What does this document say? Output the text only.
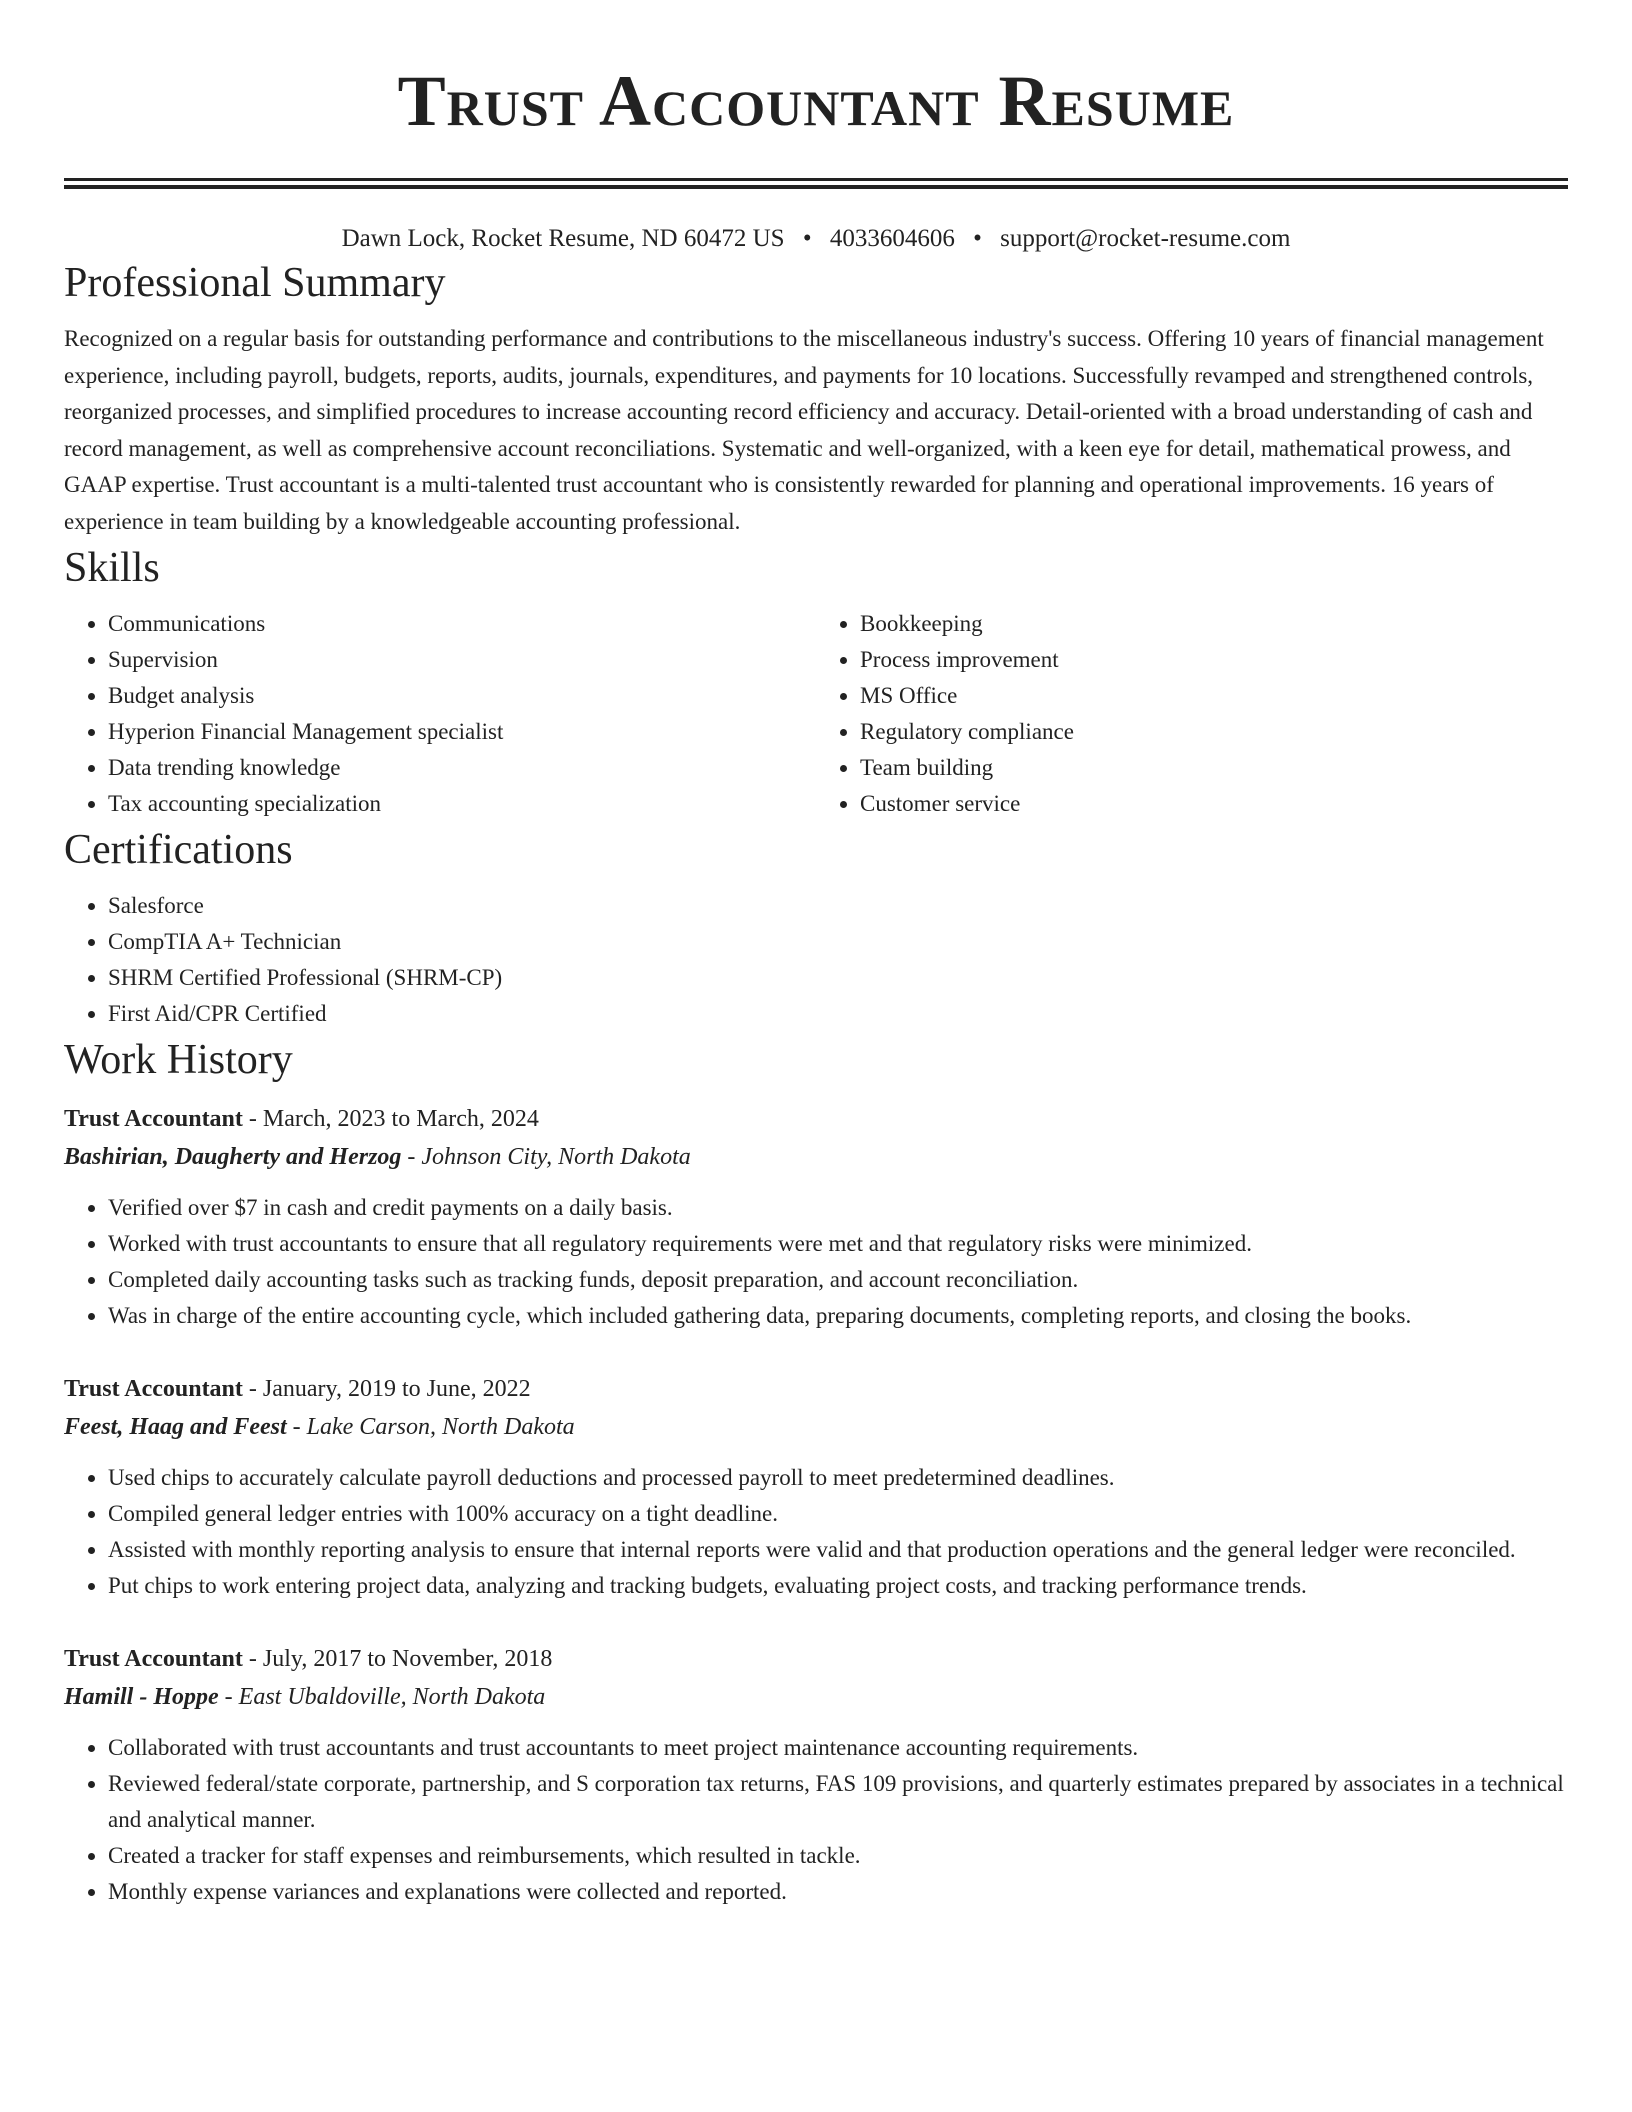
Trust Accountant Resume
Dawn Lock, Rocket Resume, ND 60472 US • 4033604606 • support@rocket-resume.com
Professional Summary
Recognized on a regular basis for outstanding performance and contributions to the miscellaneous industry's success. Offering 10 years of financial management experience, including payroll, budgets, reports, audits, journals, expenditures, and payments for 10 locations. Successfully revamped and strengthened controls, reorganized processes, and simplified procedures to increase accounting record efficiency and accuracy. Detail-oriented with a broad understanding of cash and record management, as well as comprehensive account reconciliations. Systematic and well-organized, with a keen eye for detail, mathematical prowess, and GAAP expertise. Trust accountant is a multi-talented trust accountant who is consistently rewarded for planning and operational improvements. 16 years of experience in team building by a knowledgeable accounting professional.
Skills
• Communications
• Supervision
• Budget analysis
• Hyperion Financial Management specialist
• Data trending knowledge
• Tax accounting specialization
• Bookkeeping
• Process improvement
• MS Office
• Regulatory compliance
• Team building
• Customer service
Certifications
• Salesforce
• CompTIA A+ Technician
• SHRM Certified Professional (SHRM-CP)
• First Aid/CPR Certified
Work History
Trust Accountant - March, 2023 to March, 2024
Bashirian, Daugherty and Herzog - Johnson City, North Dakota
• Verified over $7 in cash and credit payments on a daily basis.
• Worked with trust accountants to ensure that all regulatory requirements were met and that regulatory risks were minimized.
• Completed daily accounting tasks such as tracking funds, deposit preparation, and account reconciliation.
• Was in charge of the entire accounting cycle, which included gathering data, preparing documents, completing reports, and closing the books.
Trust Accountant - January, 2019 to June, 2022
Feest, Haag and Feest - Lake Carson, North Dakota
• Used chips to accurately calculate payroll deductions and processed payroll to meet predetermined deadlines.
• Compiled general ledger entries with 100% accuracy on a tight deadline.
• Assisted with monthly reporting analysis to ensure that internal reports were valid and that production operations and the general ledger were reconciled.
• Put chips to work entering project data, analyzing and tracking budgets, evaluating project costs, and tracking performance trends.
Trust Accountant - July, 2017 to November, 2018
Hamill - Hoppe - East Ubaldoville, North Dakota
• Collaborated with trust accountants and trust accountants to meet project maintenance accounting requirements.
• Reviewed federal/state corporate, partnership, and S corporation tax returns, FAS 109 provisions, and quarterly estimates prepared by associates in a technical and analytical manner.
• Created a tracker for staff expenses and reimbursements, which resulted in tackle.
• Monthly expense variances and explanations were collected and reported.
